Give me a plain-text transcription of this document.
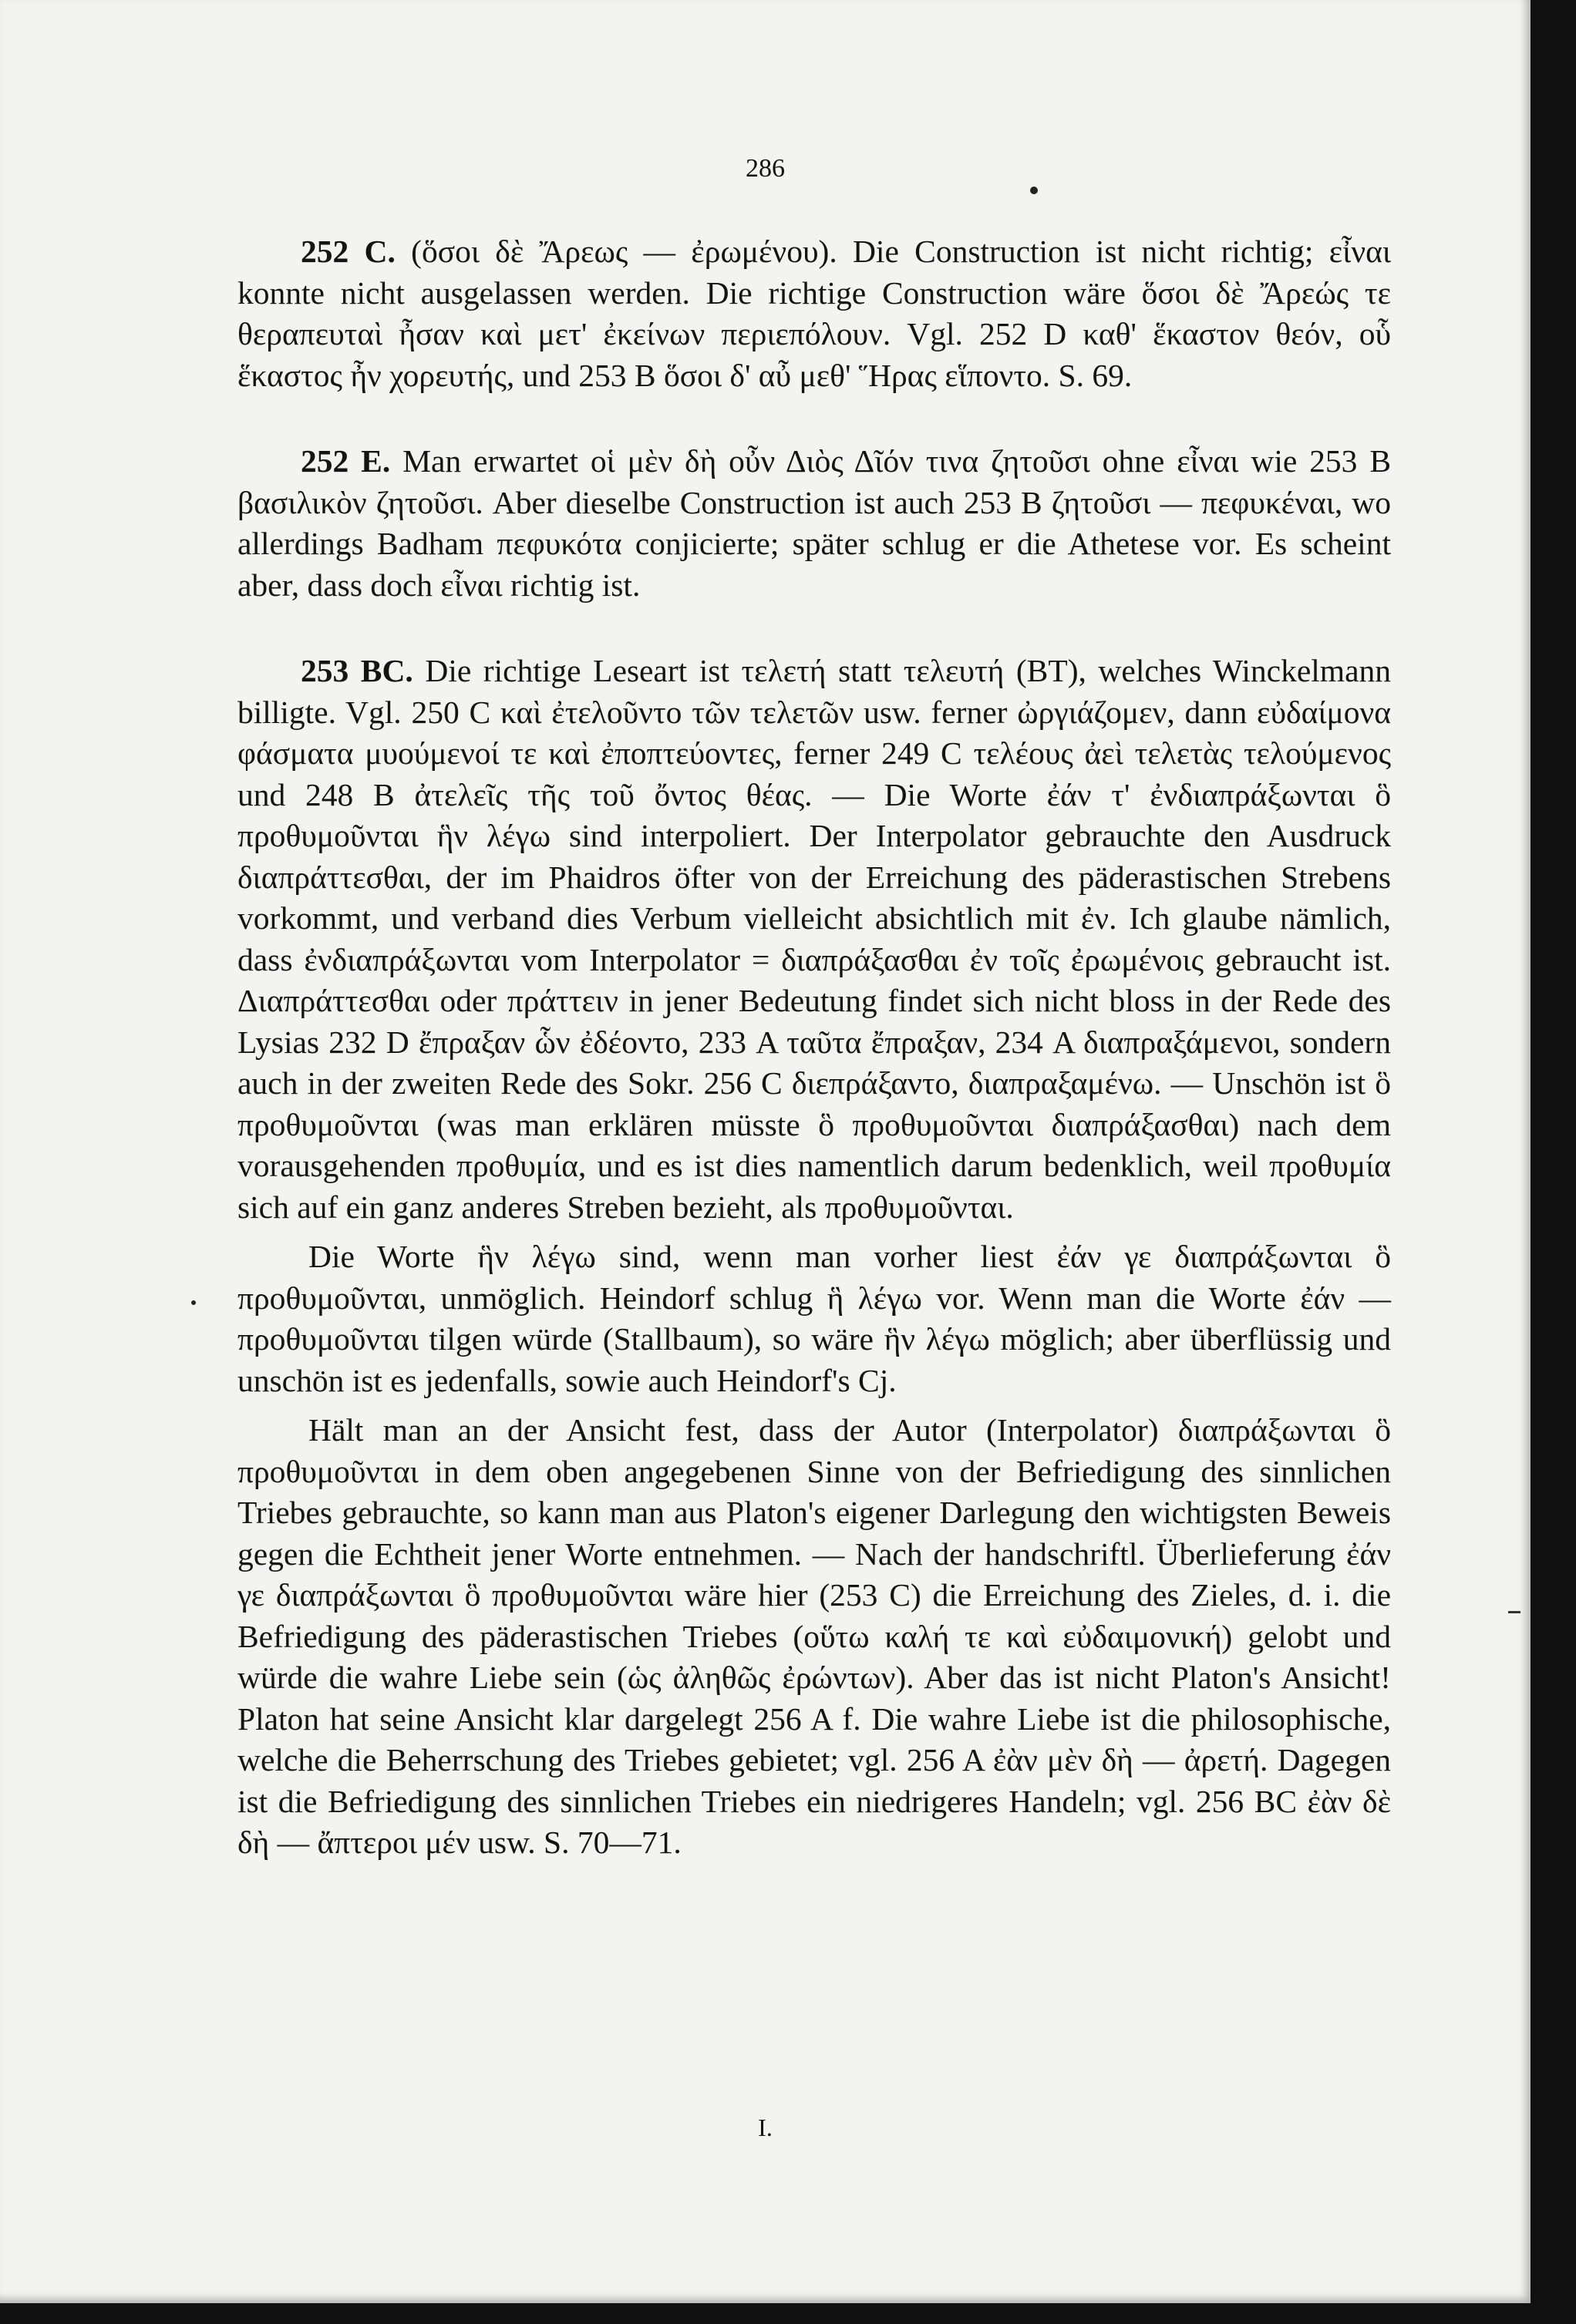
286

252 C. (ὅσοι δὲ Ἄρεως — ἐρωμένου). Die Construction ist nicht richtig; εἶναι konnte nicht ausgelassen werden. Die richtige Construction wäre ὅσοι δὲ Ἄρεώς τε θεραπευταὶ ἦσαν καὶ μετ' ἐκείνων περιεπόλουν. Vgl. 252 D καθ' ἕκαστον θεόν, οὗ ἕκαστος ἦν χορευτής, und 253 B ὅσοι δ' αὖ μεθ' Ἥρας εἵποντο. S. 69.

252 E. Man erwartet οἱ μὲν δὴ οὖν Διὸς Δῖόν τινα ζητοῦσι ohne εἶναι wie 253 B βασιλικὸν ζητοῦσι. Aber dieselbe Construction ist auch 253 B ζητοῦσι — πεφυκέναι, wo allerdings Badham πεφυκότα conjicierte; später schlug er die Athetese vor. Es scheint aber, dass doch εἶναι richtig ist.

253 BC. Die richtige Leseart ist τελετή statt τελευτή (BT), welches Winckelmann billigte. Vgl. 250 C καὶ ἐτελοῦντο τῶν τελετῶν usw. ferner ὠργιάζομεν, dann εὐδαίμονα φάσματα μυούμενοί τε καὶ ἐποπτεύοντες, ferner 249 C τελέους ἀεὶ τελετὰς τελούμενος und 248 B ἀτελεῖς τῆς τοῦ ὄντος θέας. — Die Worte ἐάν τ' ἐνδιαπράξωνται ὃ προθυμοῦνται ἣν λέγω sind interpoliert. Der Interpolator gebrauchte den Ausdruck διαπράττεσθαι, der im Phaidros öfter von der Erreichung des päderastischen Strebens vorkommt, und verband dies Verbum vielleicht absichtlich mit ἐν. Ich glaube nämlich, dass ἐνδιαπράξωνται vom Interpolator = διαπράξασθαι ἐν τοῖς ἐρωμένοις gebraucht ist. Διαπράττεσθαι oder πράττειν in jener Bedeutung findet sich nicht bloss in der Rede des Lysias 232 D ἔπραξαν ὧν ἐδέοντο, 233 A ταῦτα ἔπραξαν, 234 A διαπραξάμενοι, sondern auch in der zweiten Rede des Sokr. 256 C διεπράξαντο, διαπραξαμένω. — Unschön ist ὃ προθυμοῦνται (was man erklären müsste ὃ προθυμοῦνται διαπράξασθαι) nach dem vorausgehenden προθυμία, und es ist dies namentlich darum bedenklich, weil προθυμία sich auf ein ganz anderes Streben bezieht, als προθυμοῦνται.

Die Worte ἣν λέγω sind, wenn man vorher liest ἐάν γε διαπράξωνται ὃ προθυμοῦνται, unmöglich. Heindorf schlug ἣ λέγω vor. Wenn man die Worte ἐάν — προθυμοῦνται tilgen würde (Stallbaum), so wäre ἣν λέγω möglich; aber überflüssig und unschön ist es jedenfalls, sowie auch Heindorf's Cj.

Hält man an der Ansicht fest, dass der Autor (Interpolator) διαπράξωνται ὃ προθυμοῦνται in dem oben angegebenen Sinne von der Befriedigung des sinnlichen Triebes gebrauchte, so kann man aus Platon's eigener Darlegung den wichtigsten Beweis gegen die Echtheit jener Worte entnehmen. — Nach der handschriftl. Überlieferung ἐάν γε διαπράξωνται ὃ προθυμοῦνται wäre hier (253 C) die Erreichung des Zieles, d. i. die Befriedigung des päderastischen Triebes (οὕτω καλή τε καὶ εὐδαιμονική) gelobt und würde die wahre Liebe sein (ὡς ἀληθῶς ἐρώντων). Aber das ist nicht Platon's Ansicht! Platon hat seine Ansicht klar dargelegt 256 A f. Die wahre Liebe ist die philosophische, welche die Beherrschung des Triebes gebietet; vgl. 256 A ἐὰν μὲν δὴ — ἀρετή. Dagegen ist die Befriedigung des sinnlichen Triebes ein niedrigeres Handeln; vgl. 256 BC ἐὰν δὲ δὴ — ἄπτεροι μέν usw. S. 70—71.

I.
